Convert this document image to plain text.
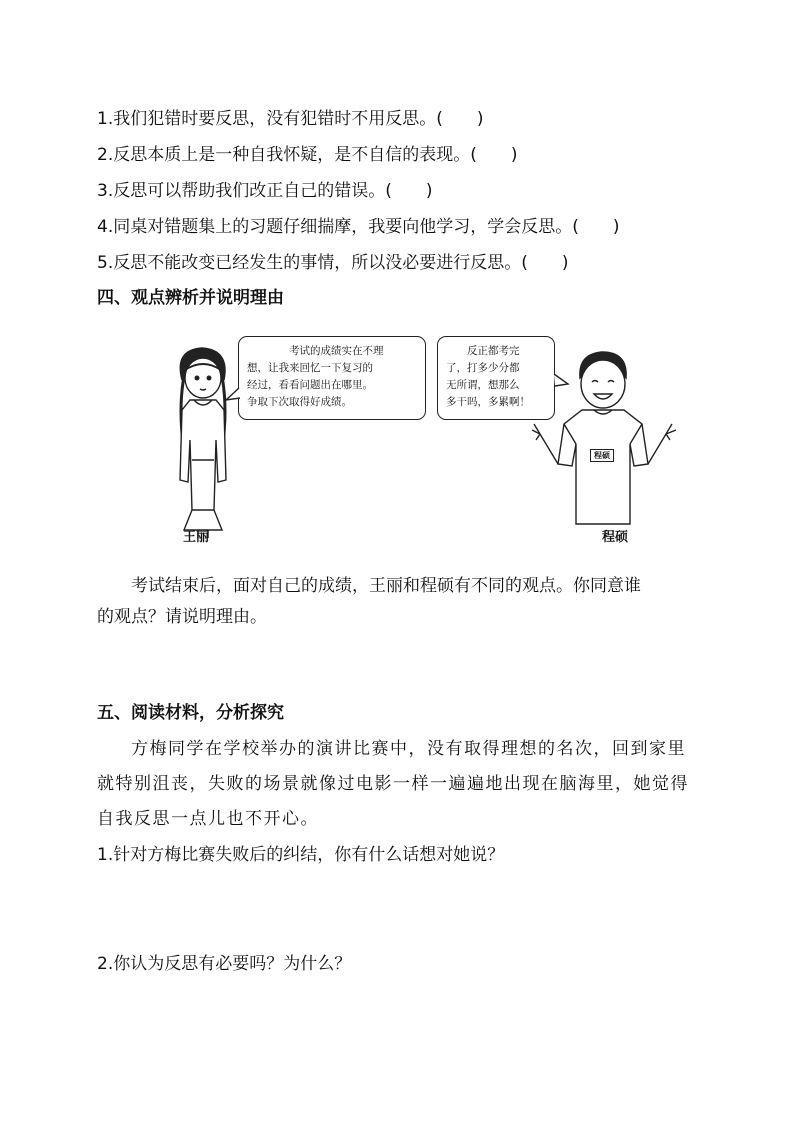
1.我们犯错时要反思，没有犯错时不用反思。(　　)
2.反思本质上是一种自我怀疑，是不自信的表现。(　　)
3.反思可以帮助我们改正自己的错误。(　　)
4.同桌对错题集上的习题仔细揣摩，我要向他学习，学会反思。(　　)
5.反思不能改变已经发生的事情，所以没必要进行反思。(　　)
四、观点辨析并说明理由
考试的成绩实在不理
想，让我来回忆一下复习的
经过，看看问题出在哪里。
争取下次取得好成绩。
反正都考完
了，打多少分都
无所谓，想那么
多干吗，多累啊！
程硕
王丽	程硕
考试结束后，面对自己的成绩，王丽和程硕有不同的观点。你同意谁
的观点？请说明理由。
五、阅读材料，分析探究
方梅同学在学校举办的演讲比赛中，没有取得理想的名次，回到家里
就特别沮丧，失败的场景就像过电影一样一遍遍地出现在脑海里，她觉得
自我反思一点儿也不开心。
1.针对方梅比赛失败后的纠结，你有什么话想对她说？
2.你认为反思有必要吗？为什么？
